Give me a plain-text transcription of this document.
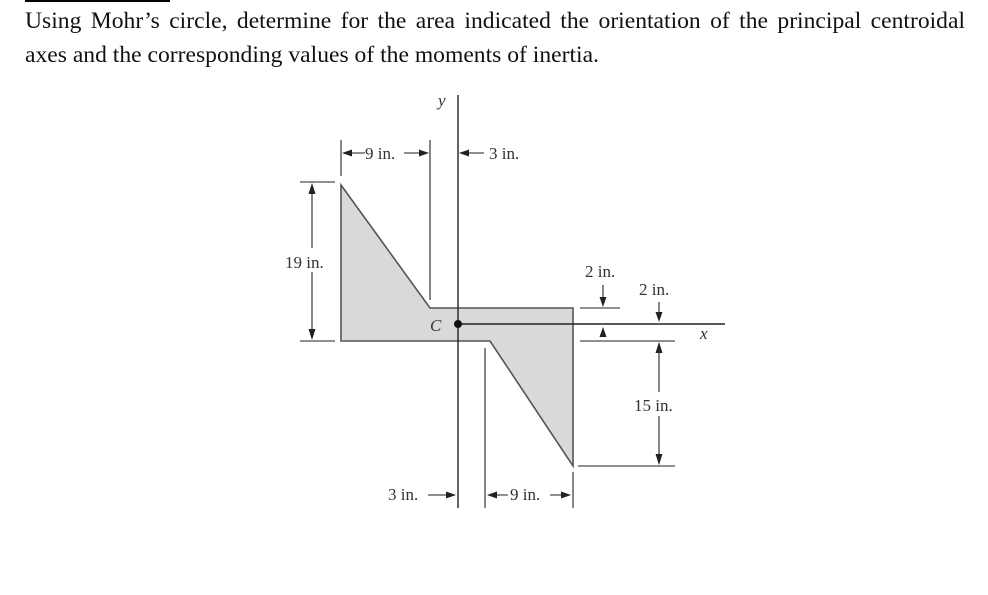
Using Mohr’s circle, determine for the area indicated the orientation of the principal centroidal axes and the corresponding values of the moments of inertia.
y
x
C
9 in.	3 in.
19 in.	2 in.
2 in.
15 in.
3 in.	9 in.
